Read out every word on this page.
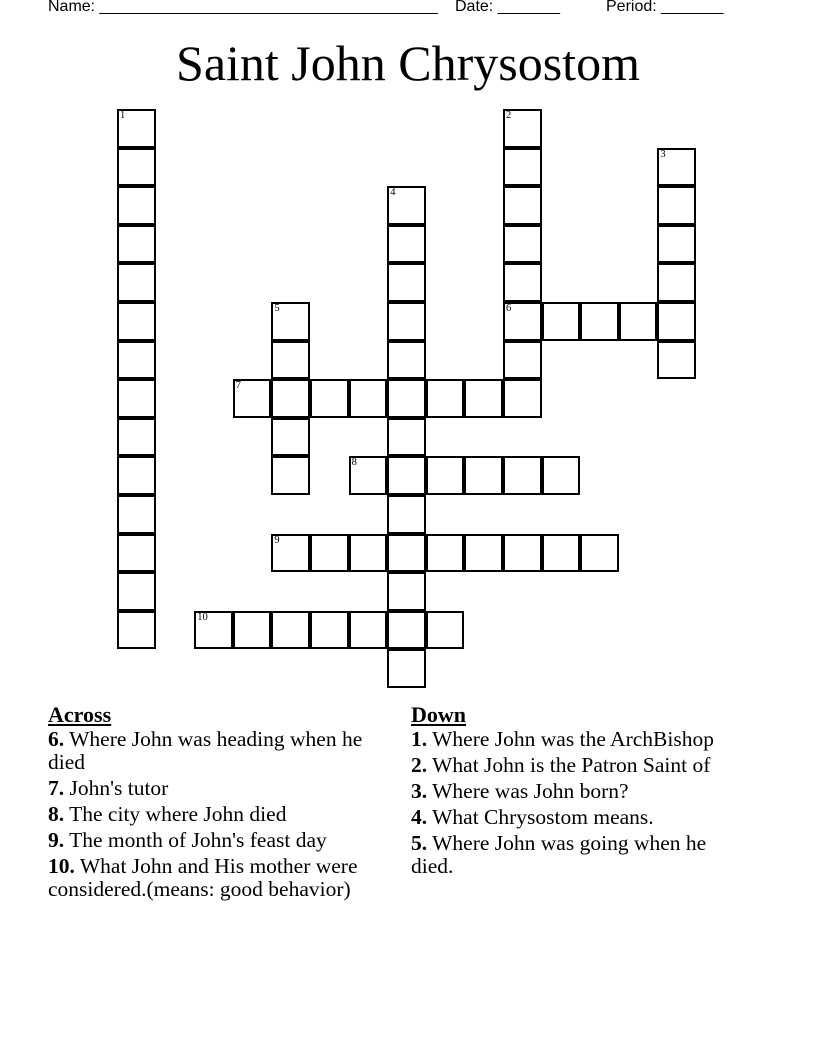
Name: ______________________________________ Date: _______	Period: _______
Saint John Chrysostom
1	2
6
3
4
5
7
8
9
10
Across
6. Where John was heading when he died
7. John's tutor
8. The city where John died
9. The month of John's feast day
10. What John and His mother were considered.(means: good behavior)
Down
1. Where John was the ArchBishop
2. What John is the Patron Saint of
3. Where was John born?
4. What Chrysostom means.
5. Where John was going when he died.
